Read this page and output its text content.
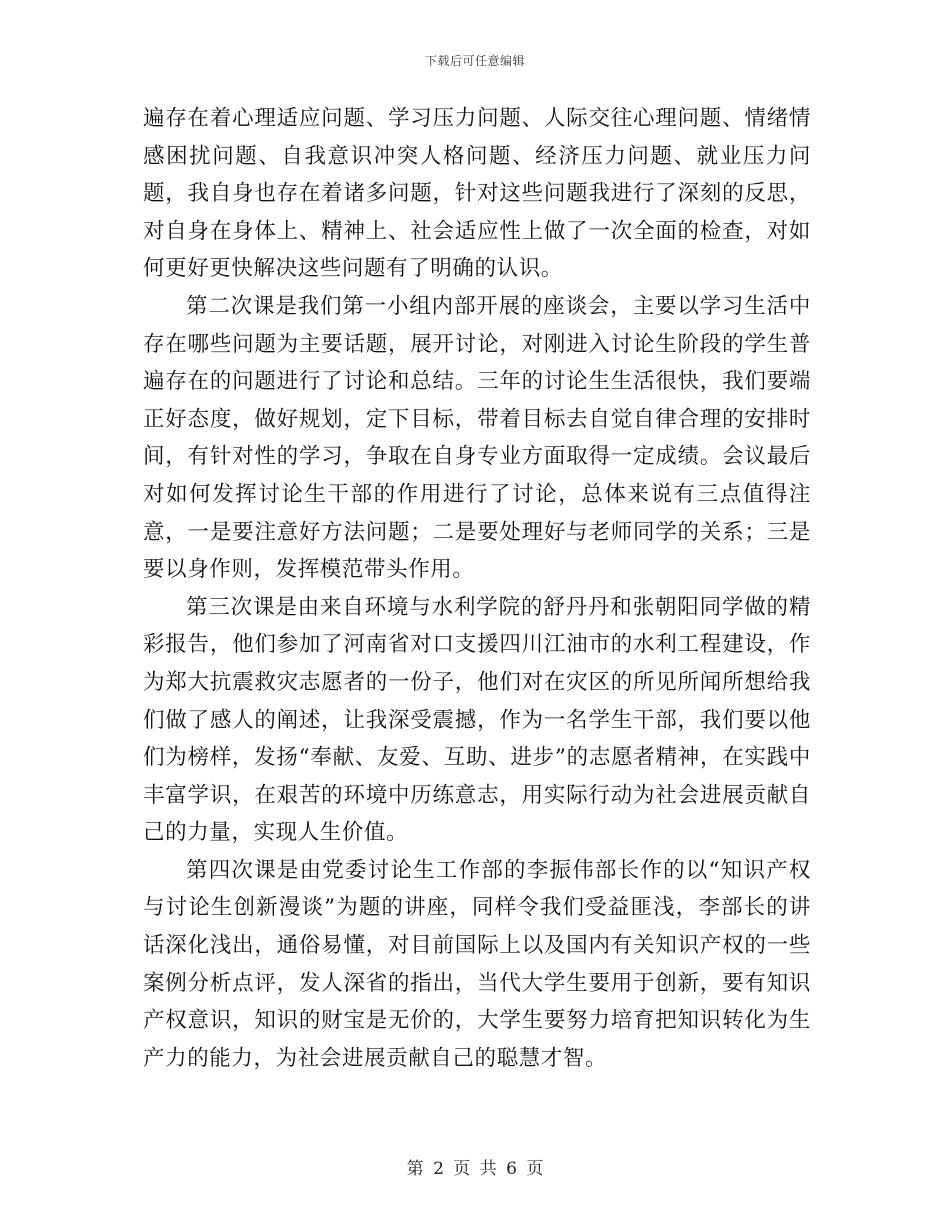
下载后可任意编辑

遍存在着心理适应问题、学习压力问题、人际交往心理问题、情绪情感困扰问题、自我意识冲突人格问题、经济压力问题、就业压力问题，我自身也存在着诸多问题，针对这些问题我进行了深刻的反思，对自身在身体上、精神上、社会适应性上做了一次全面的检查，对如何更好更快解决这些问题有了明确的认识。

第二次课是我们第一小组内部开展的座谈会，主要以学习生活中存在哪些问题为主要话题，展开讨论，对刚进入讨论生阶段的学生普遍存在的问题进行了讨论和总结。三年的讨论生生活很快，我们要端正好态度，做好规划，定下目标，带着目标去自觉自律合理的安排时间，有针对性的学习，争取在自身专业方面取得一定成绩。会议最后对如何发挥讨论生干部的作用进行了讨论，总体来说有三点值得注意，一是要注意好方法问题；二是要处理好与老师同学的关系；三是要以身作则，发挥模范带头作用。

第三次课是由来自环境与水利学院的舒丹丹和张朝阳同学做的精彩报告，他们参加了河南省对口支援四川江油市的水利工程建设，作为郑大抗震救灾志愿者的一份子，他们对在灾区的所见所闻所想给我们做了感人的阐述，让我深受震撼，作为一名学生干部，我们要以他们为榜样，发扬“奉献、友爱、互助、进步”的志愿者精神，在实践中丰富学识，在艰苦的环境中历练意志，用实际行动为社会进展贡献自己的力量，实现人生价值。

第四次课是由党委讨论生工作部的李振伟部长作的以“知识产权与讨论生创新漫谈”为题的讲座，同样令我们受益匪浅，李部长的讲话深化浅出，通俗易懂，对目前国际上以及国内有关知识产权的一些案例分析点评，发人深省的指出，当代大学生要用于创新，要有知识产权意识，知识的财宝是无价的，大学生要努力培育把知识转化为生产力的能力，为社会进展贡献自己的聪慧才智。

第 2 页 共 6 页
